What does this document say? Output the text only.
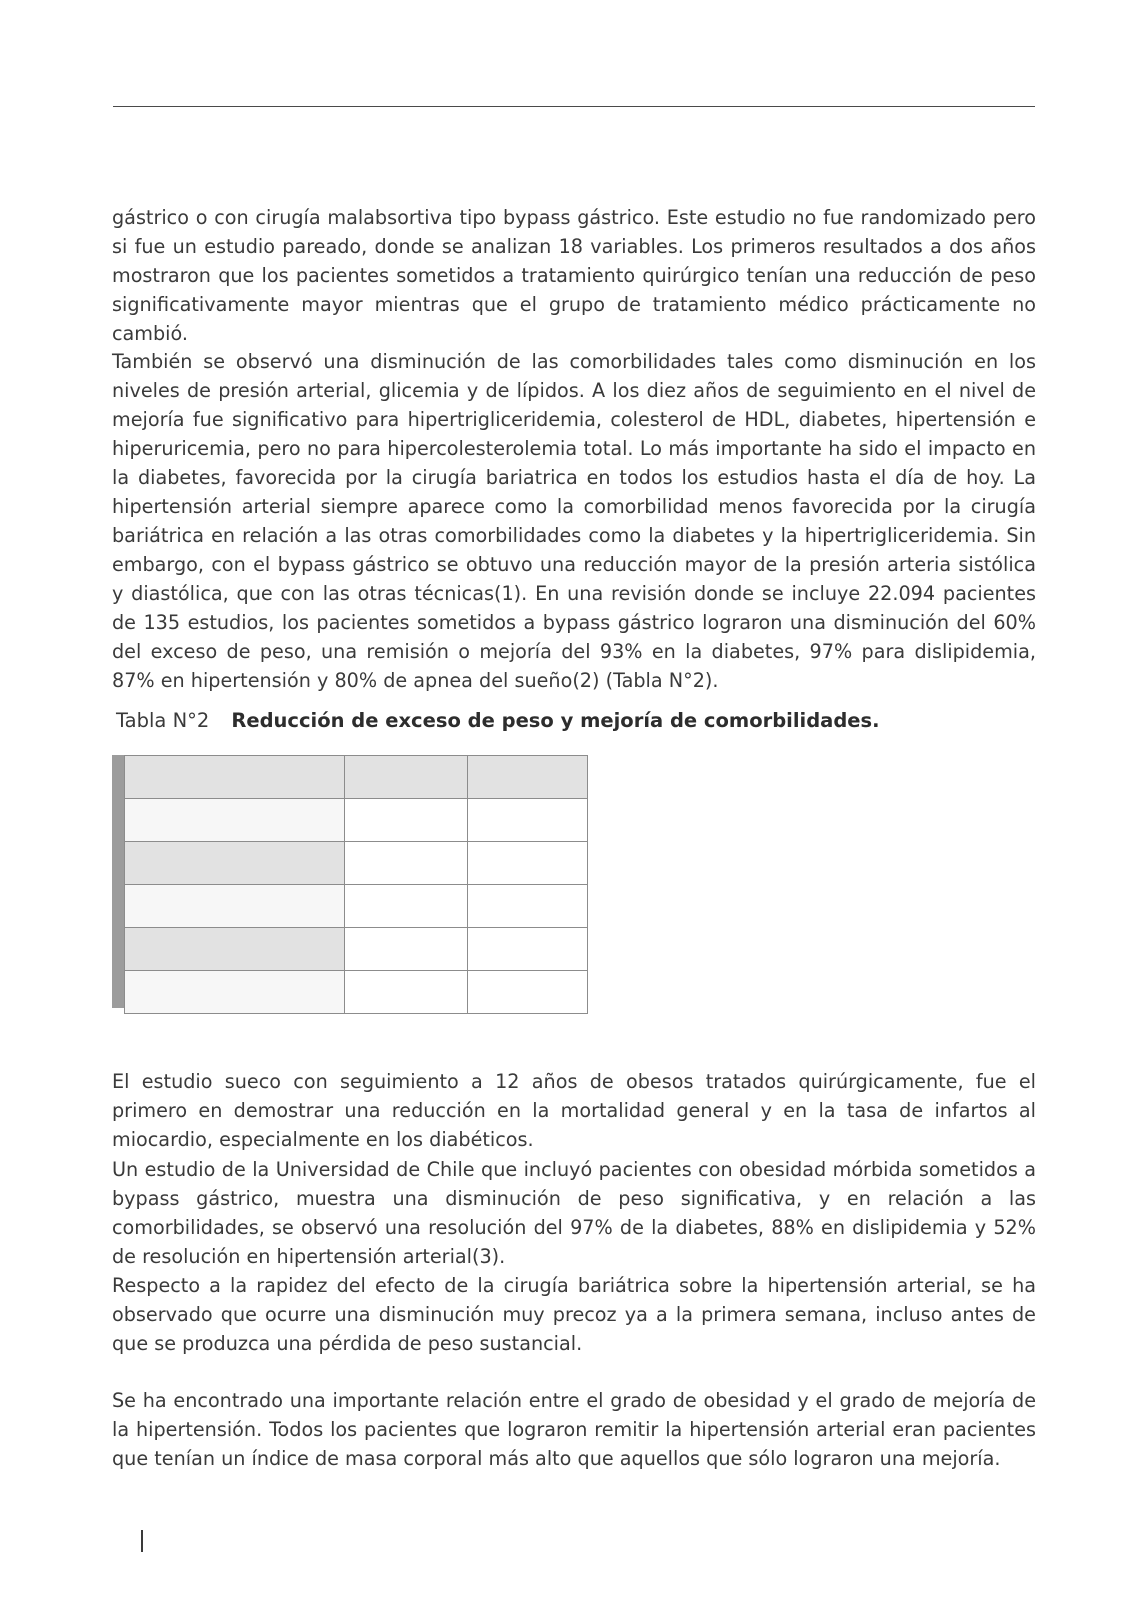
gástrico o con cirugía malabsortiva tipo bypass gástrico. Este estudio no fue randomizado pero si fue un estudio pareado, donde se analizan 18 variables. Los primeros resultados a dos años mostraron que los pacientes sometidos a tratamiento quirúrgico tenían una reducción de peso significativamente mayor mientras que el grupo de tratamiento médico prácticamente no cambió.

También se observó una disminución de las comorbilidades tales como disminución en los niveles de presión arterial, glicemia y de lípidos. A los diez años de seguimiento en el nivel de mejoría fue significativo para hipertrigliceridemia, colesterol de HDL, diabetes, hipertensión e hiperuricemia, pero no para hipercolesterolemia total. Lo más importante ha sido el impacto en la diabetes, favorecida por la cirugía bariatrica en todos los estudios hasta el día de hoy. La hipertensión arterial siempre aparece como la comorbilidad menos favorecida por la cirugía bariátrica en relación a las otras comorbilidades como la diabetes y la hipertrigliceridemia. Sin embargo, con el bypass gástrico se obtuvo una reducción mayor de la presión arteria sistólica y diastólica, que con las otras técnicas(1). En una revisión donde se incluye 22.094 pacientes de 135 estudios, los pacientes sometidos a bypass gástrico lograron una disminución del 60% del exceso de peso, una remisión o mejoría del 93% en la diabetes, 97% para dislipidemia, 87% en hipertensión y 80% de apnea del sueño(2) (Tabla N°2).

Tabla N°2 Reducción de exceso de peso y mejoría de comorbilidades.

El estudio sueco con seguimiento a 12 años de obesos tratados quirúrgicamente, fue el primero en demostrar una reducción en la mortalidad general y en la tasa de infartos al miocardio, especialmente en los diabéticos.

Un estudio de la Universidad de Chile que incluyó pacientes con obesidad mórbida sometidos a bypass gástrico, muestra una disminución de peso significativa, y en relación a las comorbilidades, se observó una resolución del 97% de la diabetes, 88% en dislipidemia y 52% de resolución en hipertensión arterial(3).

Respecto a la rapidez del efecto de la cirugía bariátrica sobre la hipertensión arterial, se ha observado que ocurre una disminución muy precoz ya a la primera semana, incluso antes de que se produzca una pérdida de peso sustancial.

Se ha encontrado una importante relación entre el grado de obesidad y el grado de mejoría de la hipertensión. Todos los pacientes que lograron remitir la hipertensión arterial eran pacientes que tenían un índice de masa corporal más alto que aquellos que sólo lograron una mejoría.
